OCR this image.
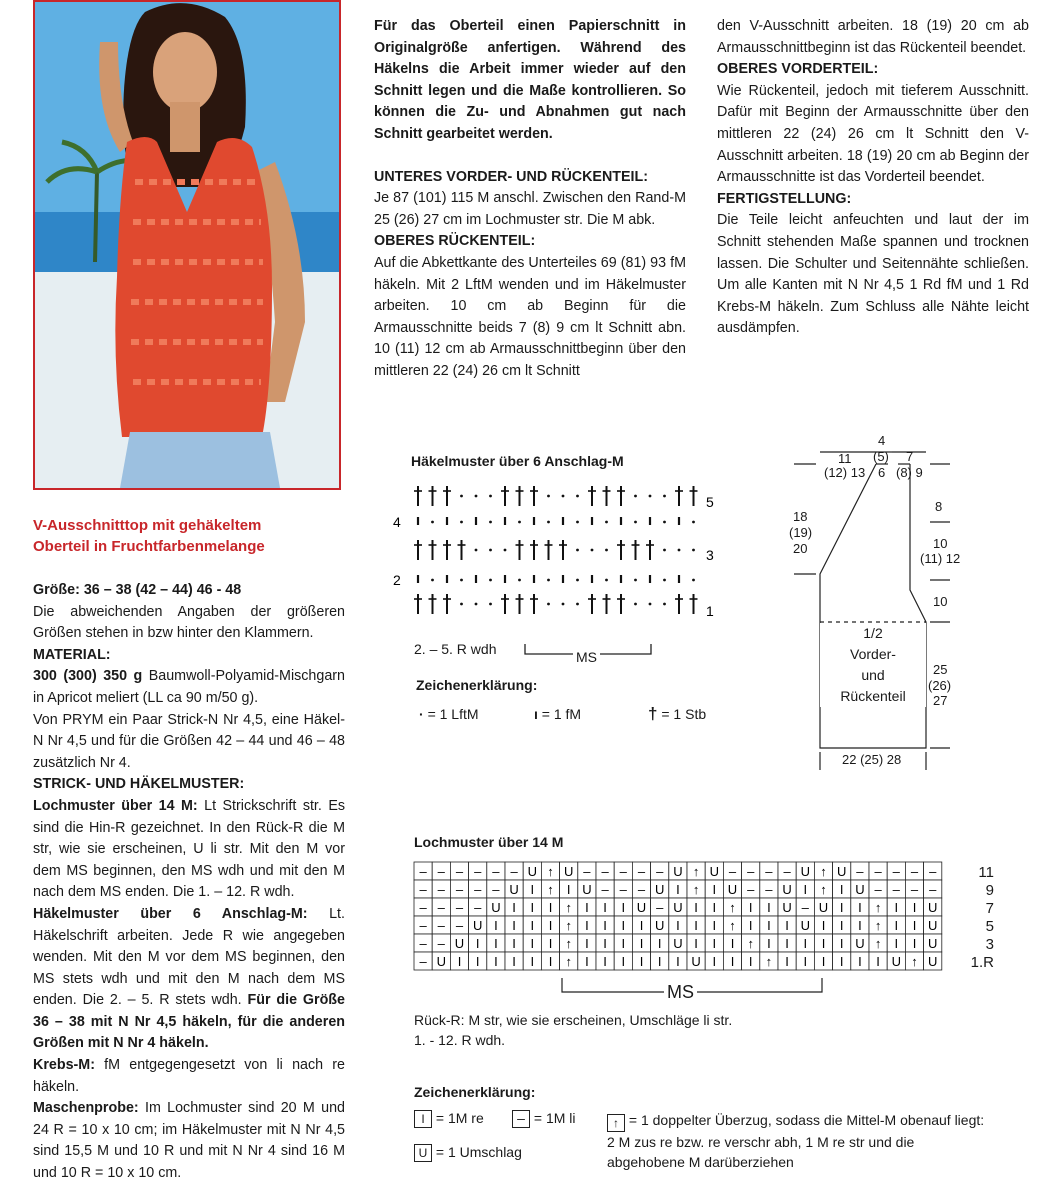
V-Ausschnitttop mit gehäkeltem
Oberteil in Fruchtfarbenmelange

Größe: 36 – 38 (42 – 44) 46 - 48

Die abweichenden Angaben der größeren Größen stehen in bzw hinter den Klammern.

MATERIAL:

300 (300) 350 g Baumwoll-Polyamid-Mischgarn in Apricot meliert (LL ca 90 m/50 g).

Von PRYM ein Paar Strick-N Nr 4,5, eine Häkel-N Nr 4,5 und für die Größen 42 – 44 und 46 – 48 zusätzlich Nr 4.

STRICK- UND HÄKELMUSTER:

Lochmuster über 14 M: Lt Strickschrift str. Es sind die Hin-R gezeichnet. In den Rück-R die M str, wie sie erscheinen, U li str. Mit den M vor dem MS beginnen, den MS wdh und mit den M nach dem MS enden. Die 1. – 12. R wdh.

Häkelmuster über 6 Anschlag-M: Lt. Häkelschrift arbeiten. Jede R wie angegeben wenden. Mit den M vor dem MS beginnen, den MS stets wdh und mit den M nach dem MS enden. Die 2. – 5. R stets wdh. Für die Größe 36 – 38 mit N Nr 4,5 häkeln, für die anderen Größen mit N Nr 4 häkeln.

Krebs-M: fM entgegengesetzt von li nach re häkeln.

Maschenprobe: Im Lochmuster sind 20 M und 24 R = 10 x 10 cm; im Häkelmuster mit N Nr 4,5 sind 15,5 M und 10 R und mit N Nr 4 sind 16 M und 10 R = 10 x 10 cm.

Für das Oberteil einen Papierschnitt in Originalgröße anfertigen. Während des Häkelns die Arbeit immer wieder auf den Schnitt legen und die Maße kontrollieren. So können die Zu- und Abnahmen gut nach Schnitt gearbeitet werden.

UNTERES VORDER- UND RÜCKENTEIL:

Je 87 (101) 115 M anschl. Zwischen den Rand-M 25 (26) 27 cm im Lochmuster str. Die M abk.

OBERES RÜCKENTEIL:

Auf die Abkettkante des Unterteiles 69 (81) 93 fM häkeln. Mit 2 LftM wenden und im Häkelmuster arbeiten. 10 cm ab Beginn für die Armausschnitte beids 7 (8) 9 cm lt Schnitt abn. 10 (11) 12 cm ab Armausschnittbeginn über den mittleren 22 (24) 26 cm lt Schnitt

den V-Ausschnitt arbeiten. 18 (19) 20 cm ab Armausschnittbeginn ist das Rückenteil beendet.

OBERES VORDERTEIL:

Wie Rückenteil, jedoch mit tieferem Ausschnitt. Dafür mit Beginn der Armausschnitte über den mittleren 22 (24) 26 cm lt Schnitt den V-Ausschnitt arbeiten. 18 (19) 20 cm ab Beginn der Armausschnitte ist das Vorderteil beendet.

FERTIGSTELLUNG:

Die Teile leicht anfeuchten und laut der im Schnitt stehenden Maße spannen und trocknen lassen. Die Schulter und Seitennähte schließen. Um alle Kanten mit N Nr 4,5 1 Rd fM und 1 Rd Krebs-M häkeln. Zum Schluss alle Nähte leicht ausdämpfen.

Häkelmuster über 6 Anschlag-M
5
4
3
2
1
2. – 5. R wdh	MS
Zeichenerklärung:
· = 1 LftM	ı = 1 fM	† = 1 Stb
4
(5)
6
11
(12) 13
7
(8) 9
18
(19)
20
8
10
(11) 12
10
25
(26)
27
1/2
Vorder-
und
Rückenteil
22 (25) 28
Lochmuster über 14 M
– – – – – – U ↑ U – – – – – U ↑ U – – – – U ↑ U – – – – –
– – – – – U I ↑ I U – – – U I ↑ I U – – U I ↑ I U – – – –
– – – – U I I I ↑ I I I U – U I I ↑ I I U – U I I ↑ I I U
– – – U I I I I ↑ I I I I U I I I ↑ I I I U I I I ↑ I I U
– – U I I I I I ↑ I I I I I U I I I ↑ I I I I I U ↑ I I U
– U I I I I I I ↑ I I I I I I U I I I ↑ I I I I I I U ↑ U
MS
11
9
7
5
3
1.R
Rück-R: M str, wie sie erscheinen, Umschläge li str.
1. - 12. R wdh.
Zeichenerklärung:
I = 1M re	– = 1M li
U = 1 Umschlag
↑ = 1 doppelter Überzug, sodass die Mittel-M obenauf liegt: 2 M zus re bzw. re verschr abh, 1 M re str und die abgehobene M darüberziehen
